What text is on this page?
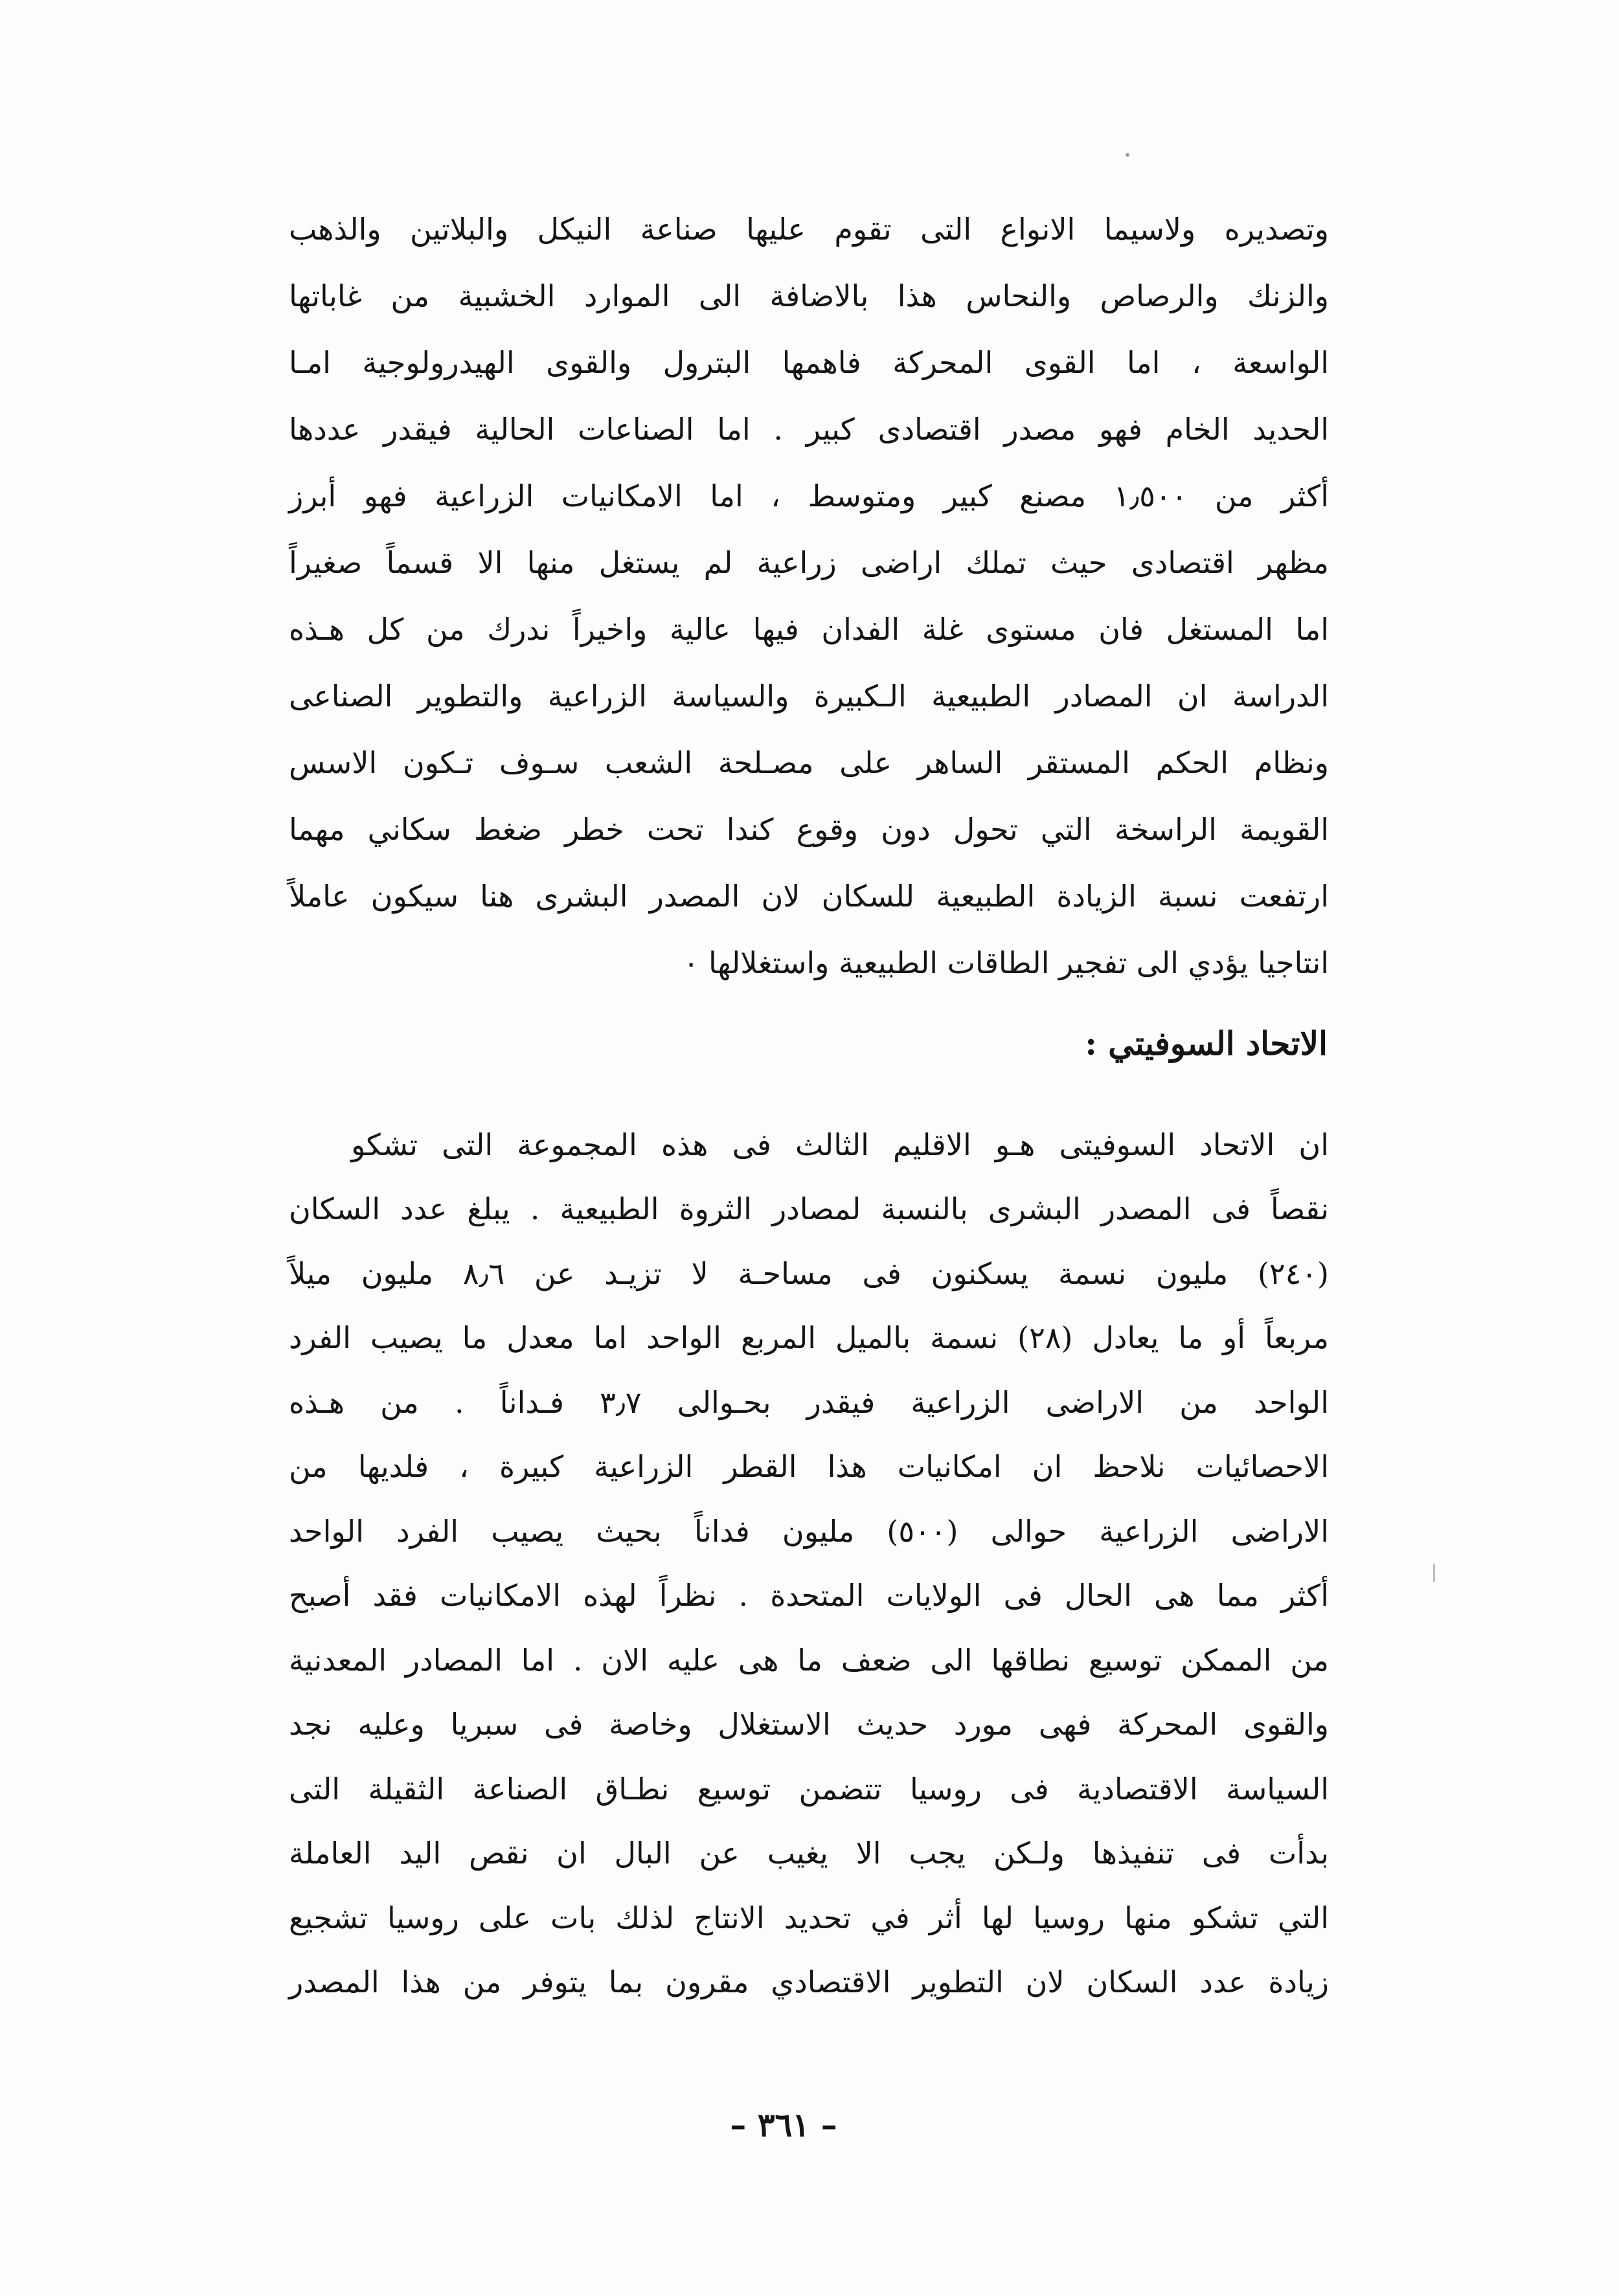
وتصديره ولاسيما الانواع التى تقوم عليها صناعة النيكل والبلاتين والذهب
والزنك والرصاص والنحاس هذا بالاضافة الى الموارد الخشبية من غاباتها
الواسعة ، اما القوى المحركة فاهمها البترول والقوى الهيدرولوجية امـا
الحديد الخام فهو مصدر اقتصادى كبير . اما الصناعات الحالية فيقدر عددها
أكثر من ١٫٥٠٠ مصنع كبير ومتوسط ، اما الامكانيات الزراعية فهو أبرز
مظهر اقتصادى حيث تملك اراضى زراعية لم يستغل منها الا قسماً صغيراً
اما المستغل فان مستوى غلة الفدان فيها عالية واخيراً ندرك من كل هـذه
الدراسة ان المصادر الطبيعية الـكبيرة والسياسة الزراعية والتطوير الصناعى
ونظام الحكم المستقر الساهر على مصـلحة الشعب سـوف تـكون الاسس
القويمة الراسخة التي تحول دون وقوع كندا تحت خطر ضغط سكاني مهما
ارتفعت نسبة الزيادة الطبيعية للسكان لان المصدر البشرى هنا سيكون عاملاً
انتاجيا يؤدي الى تفجير الطاقات الطبيعية واستغلالها ٠
الاتحاد السوفيتي :
ان الاتحاد السوفيتى هـو الاقليم الثالث فى هذه المجموعة التى تشكو
نقصاً فى المصدر البشرى بالنسبة لمصادر الثروة الطبيعية . يبلغ عدد السكان
(٢٤٠) مليون نسمة يسكنون فى مساحـة لا تزيـد عن ٨٫٦ مليون ميلاً
مربعاً أو ما يعادل (٢٨) نسمة بالميل المربع الواحد اما معدل ما يصيب الفرد
الواحد من الاراضى الزراعية فيقدر بحـوالى ٣٫٧ فـداناً . من هـذه
الاحصائيات نلاحظ ان امكانيات هذا القطر الزراعية كبيرة ، فلديها من
الاراضى الزراعية حوالى (٥٠٠) مليون فداناً بحيث يصيب الفرد الواحد
أكثر مما هى الحال فى الولايات المتحدة . نظراً لهذه الامكانيات فقد أصبح
من الممكن توسيع نطاقها الى ضعف ما هى عليه الان . اما المصادر المعدنية
والقوى المحركة فهى مورد حديث الاستغلال وخاصة فى سبريا وعليه نجد
السياسة الاقتصادية فى روسيا تتضمن توسيع نطـاق الصناعة الثقيلة التى
بدأت فى تنفيذها ولـكن يجب الا يغيب عن البال ان نقص اليد العاملة
التي تشكو منها روسيا لها أثر في تحديد الانتاج لذلك بات على روسيا تشجيع
زيادة عدد السكان لان التطوير الاقتصادي مقرون بما يتوفر من هذا المصدر
– ٣٦١ –
